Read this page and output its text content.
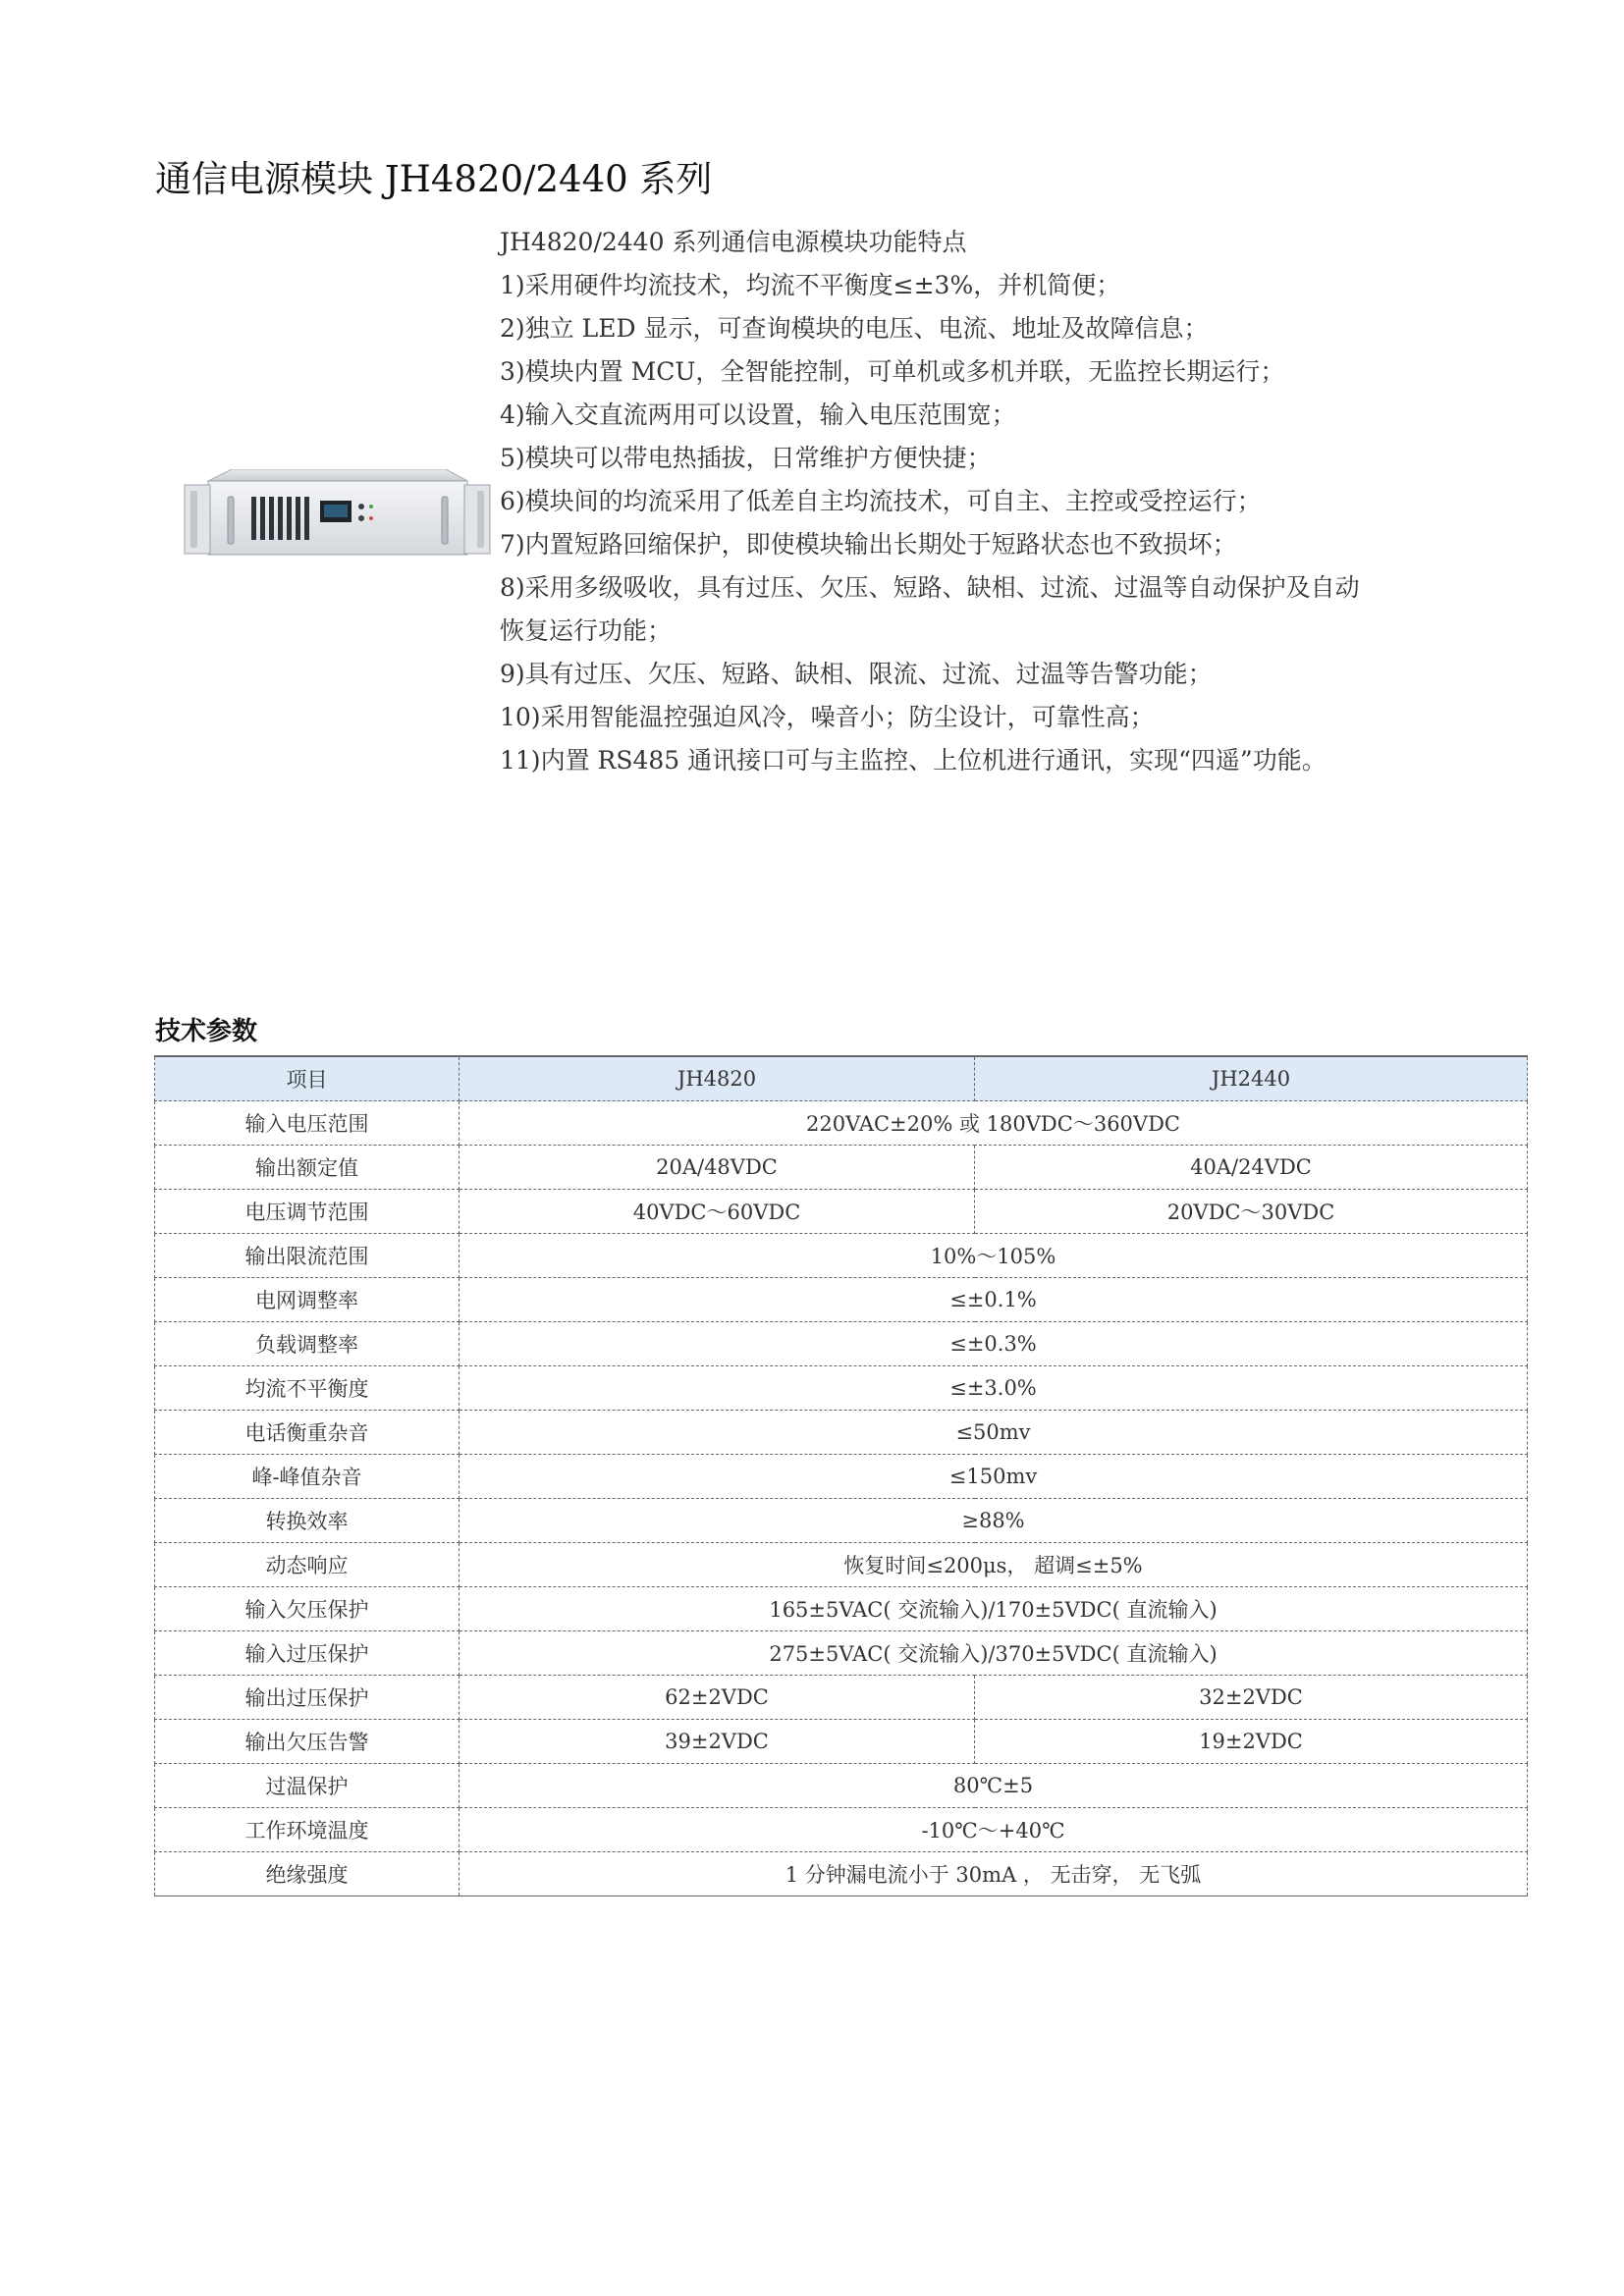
通信电源模块 JH4820/2440 系列
JH4820/2440 系列通信电源模块功能特点
1)采用硬件均流技术，均流不平衡度≤±3%，并机简便；
2)独立 LED 显示，可查询模块的电压、电流、地址及故障信息；
3)模块内置 MCU，全智能控制，可单机或多机并联，无监控长期运行；
4)输入交直流两用可以设置，输入电压范围宽；
5)模块可以带电热插拔，日常维护方便快捷；
6)模块间的均流采用了低差自主均流技术，可自主、主控或受控运行；
7)内置短路回缩保护，即使模块输出长期处于短路状态也不致损坏；
8)采用多级吸收，具有过压、欠压、短路、缺相、过流、过温等自动保护及自动
恢复运行功能；
9)具有过压、欠压、短路、缺相、限流、过流、过温等告警功能；
10)采用智能温控强迫风冷，噪音小；防尘设计，可靠性高；
11)内置 RS485 通讯接口可与主监控、上位机进行通讯，实现“四遥”功能。
技术参数
项目	JH4820	JH2440
输入电压范围	220VAC±20% 或 180VDC～360VDC	
输出额定值	20A/48VDC	40A/24VDC
电压调节范围	40VDC～60VDC	20VDC～30VDC
输出限流范围	10%～105%	
电网调整率	≤±0.1%	
负载调整率	≤±0.3%	
均流不平衡度	≤±3.0%	
电话衡重杂音	≤50mv	
峰-峰值杂音	≤150mv	
转换效率	≥88%	
动态响应	恢复时间≤200μs， 超调≤±5%	
输入欠压保护	165±5VAC( 交流输入)/170±5VDC( 直流输入)	
输入过压保护	275±5VAC( 交流输入)/370±5VDC( 直流输入)	
输出过压保护	62±2VDC	32±2VDC
输出欠压告警	39±2VDC	19±2VDC
过温保护	80℃±5	
工作环境温度	-10℃～+40℃	
绝缘强度	1 分钟漏电流小于 30mA ， 无击穿， 无飞弧	
